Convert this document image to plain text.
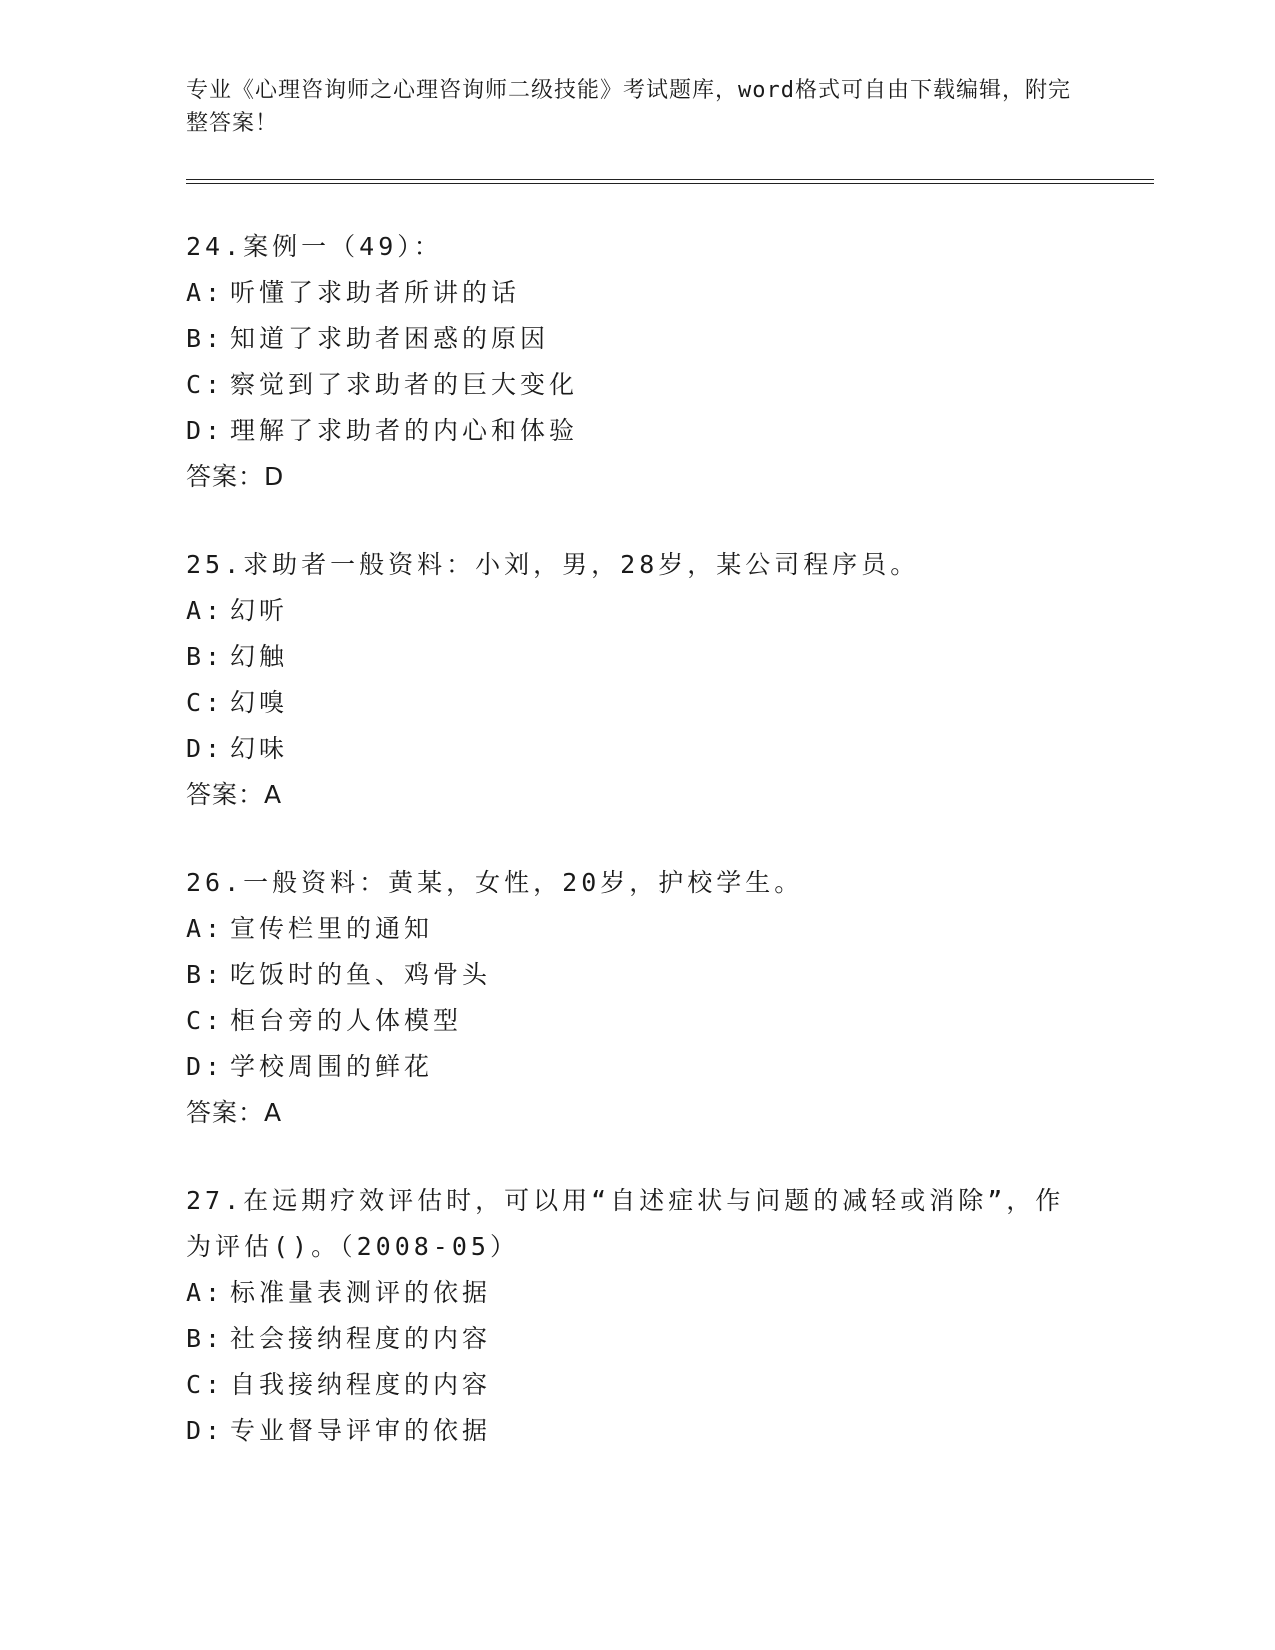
专业《心理咨询师之心理咨询师二级技能》考试题库，word格式可自由下载编辑，附完整答案！
24.案例一（49）：
A: 听懂了求助者所讲的话
B: 知道了求助者困惑的原因
C: 察觉到了求助者的巨大变化
D: 理解了求助者的内心和体验
答案：D
25.求助者一般资料：小刘，男，28岁，某公司程序员。
A: 幻听
B: 幻触
C: 幻嗅
D: 幻味
答案：A
26.一般资料：黄某，女性，20岁，护校学生。
A: 宣传栏里的通知
B: 吃饭时的鱼、鸡骨头
C: 柜台旁的人体模型
D: 学校周围的鲜花
答案：A
27.在远期疗效评估时，可以用“自述症状与问题的减轻或消除”，作为评估()。（2008-05）
A: 标准量表测评的依据
B: 社会接纳程度的内容
C: 自我接纳程度的内容
D: 专业督导评审的依据
